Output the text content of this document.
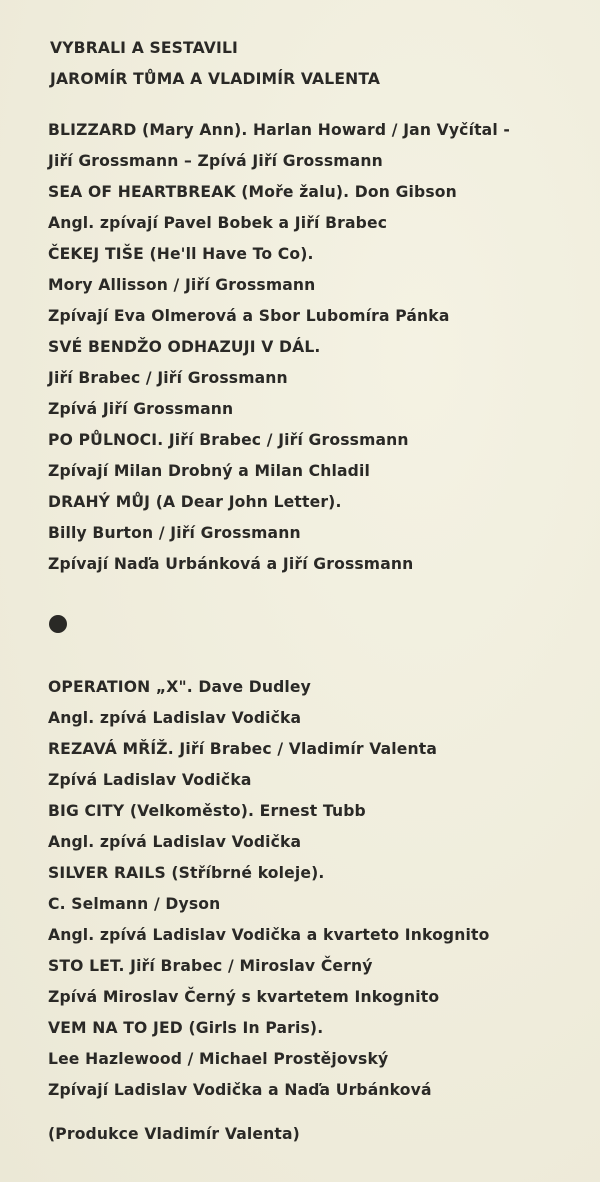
VYBRALI A SESTAVILI
JAROMÍR TŮMA A VLADIMÍR VALENTA
BLIZZARD (Mary Ann). Harlan Howard / Jan Vyčítal -
Jiří Grossmann – Zpívá Jiří Grossmann
SEA OF HEARTBREAK (Moře žalu). Don Gibson
Angl. zpívají Pavel Bobek a Jiří Brabec
ČEKEJ TIŠE (He'll Have To Co).
Mory Allisson / Jiří Grossmann
Zpívají Eva Olmerová a Sbor Lubomíra Pánka
SVÉ BENDŽO ODHAZUJI V DÁL.
Jiří Brabec / Jiří Grossmann
Zpívá Jiří Grossmann
PO PŮLNOCI. Jiří Brabec / Jiří Grossmann
Zpívají Milan Drobný a Milan Chladil
DRAHÝ MŮJ (A Dear John Letter).
Billy Burton / Jiří Grossmann
Zpívají Naďa Urbánková a Jiří Grossmann
OPERATION „X". Dave Dudley
Angl. zpívá Ladislav Vodička
REZAVÁ MŘÍŽ. Jiří Brabec / Vladimír Valenta
Zpívá Ladislav Vodička
BIG CITY (Velkoměsto). Ernest Tubb
Angl. zpívá Ladislav Vodička
SILVER RAILS (Stříbrné koleje).
C. Selmann / Dyson
Angl. zpívá Ladislav Vodička a kvarteto Inkognito
STO LET. Jiří Brabec / Miroslav Černý
Zpívá Miroslav Černý s kvartetem Inkognito
VEM NA TO JED (Girls In Paris).
Lee Hazlewood / Michael Prostějovský
Zpívají Ladislav Vodička a Naďa Urbánková
(Produkce Vladimír Valenta)
